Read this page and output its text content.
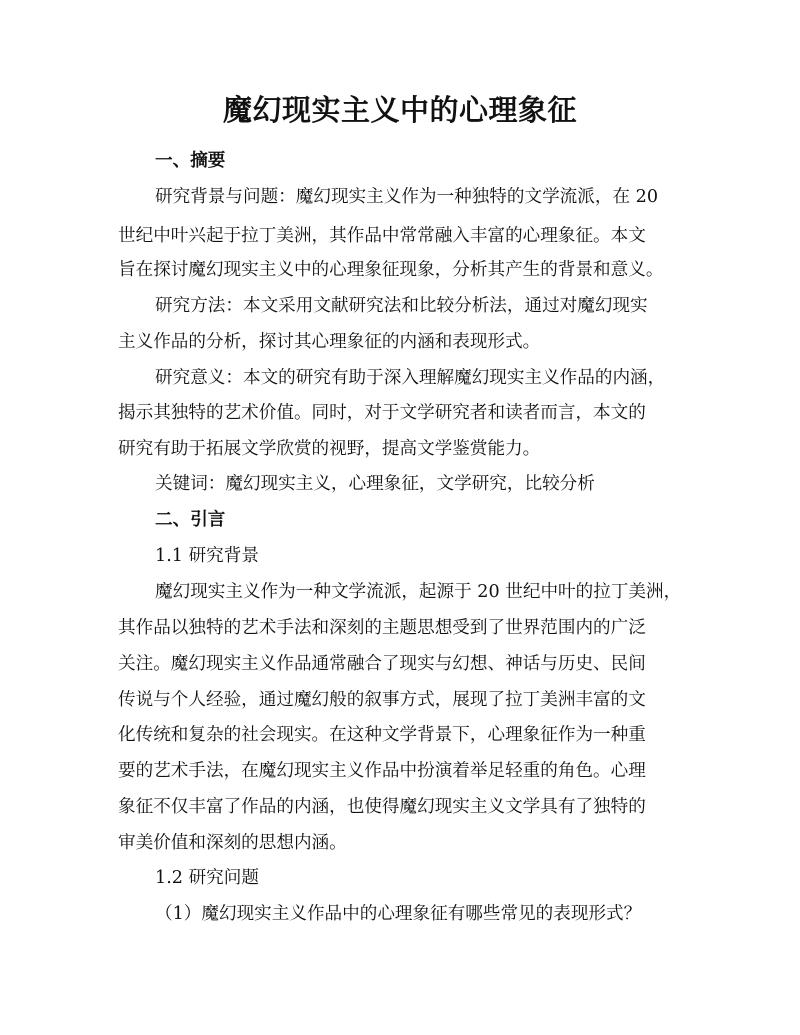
魔幻现实主义中的心理象征
一、摘要
研究背景与问题：魔幻现实主义作为一种独特的文学流派，在 20
世纪中叶兴起于拉丁美洲，其作品中常常融入丰富的心理象征。本文
旨在探讨魔幻现实主义中的心理象征现象，分析其产生的背景和意义。
研究方法：本文采用文献研究法和比较分析法，通过对魔幻现实
主义作品的分析，探讨其心理象征的内涵和表现形式。
研究意义：本文的研究有助于深入理解魔幻现实主义作品的内涵，
揭示其独特的艺术价值。同时，对于文学研究者和读者而言，本文的
研究有助于拓展文学欣赏的视野，提高文学鉴赏能力。
关键词：魔幻现实主义，心理象征，文学研究，比较分析
二、引言
1.1 研究背景
魔幻现实主义作为一种文学流派，起源于 20 世纪中叶的拉丁美洲，
其作品以独特的艺术手法和深刻的主题思想受到了世界范围内的广泛
关注。魔幻现实主义作品通常融合了现实与幻想、神话与历史、民间
传说与个人经验，通过魔幻般的叙事方式，展现了拉丁美洲丰富的文
化传统和复杂的社会现实。在这种文学背景下，心理象征作为一种重
要的艺术手法，在魔幻现实主义作品中扮演着举足轻重的角色。心理
象征不仅丰富了作品的内涵，也使得魔幻现实主义文学具有了独特的
审美价值和深刻的思想内涵。
1.2 研究问题
（1）魔幻现实主义作品中的心理象征有哪些常见的表现形式？
